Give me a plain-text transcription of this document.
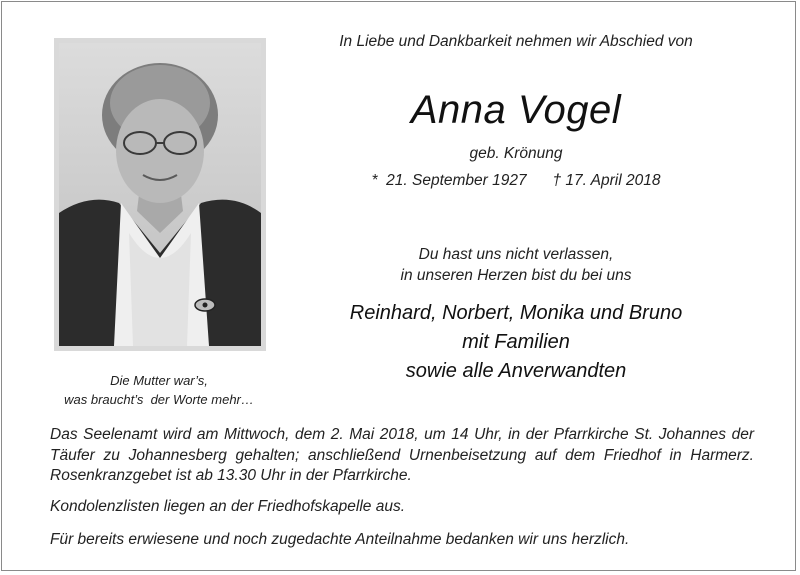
Die Mutter war’s,
was braucht’s  der Worte mehr…
In Liebe und Dankbarkeit nehmen wir Abschied von
Anna Vogel
geb. Krönung
*  21. September 1927 † 17. April 2018
Du hast uns nicht verlassen,
in unseren Herzen bist du bei uns
Reinhard, Norbert, Monika und Bruno
mit Familien
sowie alle Anverwandten

Das Seelenamt wird am Mittwoch, dem 2. Mai 2018, um 14 Uhr, in der Pfarrkirche St. Johannes der Täufer zu Johannesberg gehalten; anschließend Urnenbeisetzung auf dem Friedhof in Harmerz. Rosenkranzgebet ist ab 13.30 Uhr in der Pfarrkirche.

Kondolenzlisten liegen an der Friedhofskapelle aus.

Für bereits erwiesene und noch zugedachte Anteilnahme bedanken wir uns herzlich.
